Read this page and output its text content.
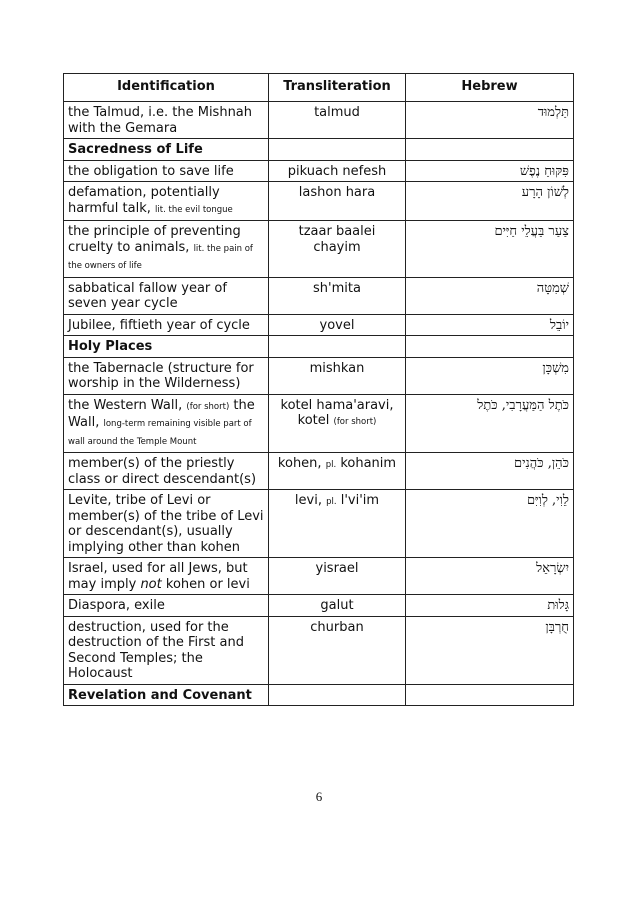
Identification	Transliteration	Hebrew
the Talmud, i.e. the Mishnah with the Gemara	talmud	תַּלְמוּד
Sacredness of Life		
the obligation to save life	pikuach nefesh	פִּקּוּחַ נֶפֶשׁ
defamation, potentially harmful talk, lit. the evil tongue	lashon hara	לְשׁוֹן הָרָע
the principle of preventing cruelty to animals, lit. the pain of the owners of life	tzaar baalei chayim	צַעַר בַּעֲלֵי חַיִּים
sabbatical fallow year of seven year cycle	sh'mita	שְׁמִטָּה
Jubilee, fiftieth year of cycle	yovel	יוֹבֵל
Holy Places		
the Tabernacle (structure for worship in the Wilderness)	mishkan	מִשְׁכָּן
the Western Wall, (for short) the Wall, long-term remaining visible part of wall around the Temple Mount	kotel hama'aravi, kotel (for short)	כֹּתֶל הַמַּעֲרָבִי, כֹּתֶל
member(s) of the priestly class or direct descendant(s)	kohen, pl. kohanim	כֹּהֵן, כֹּהֲנִים
Levite, tribe of Levi or member(s) of the tribe of Levi or descendant(s), usually implying other than kohen	levi, pl. l'vi'im	לֵוִי, לְוִיִּם
Israel, used for all Jews, but may imply not kohen or levi	yisrael	יִשְׂרָאֵל
Diaspora, exile	galut	גָּלוּת
destruction, used for the destruction of the First and Second Temples; the Holocaust	churban	חֻרְבָּן
Revelation and Covenant		
6
